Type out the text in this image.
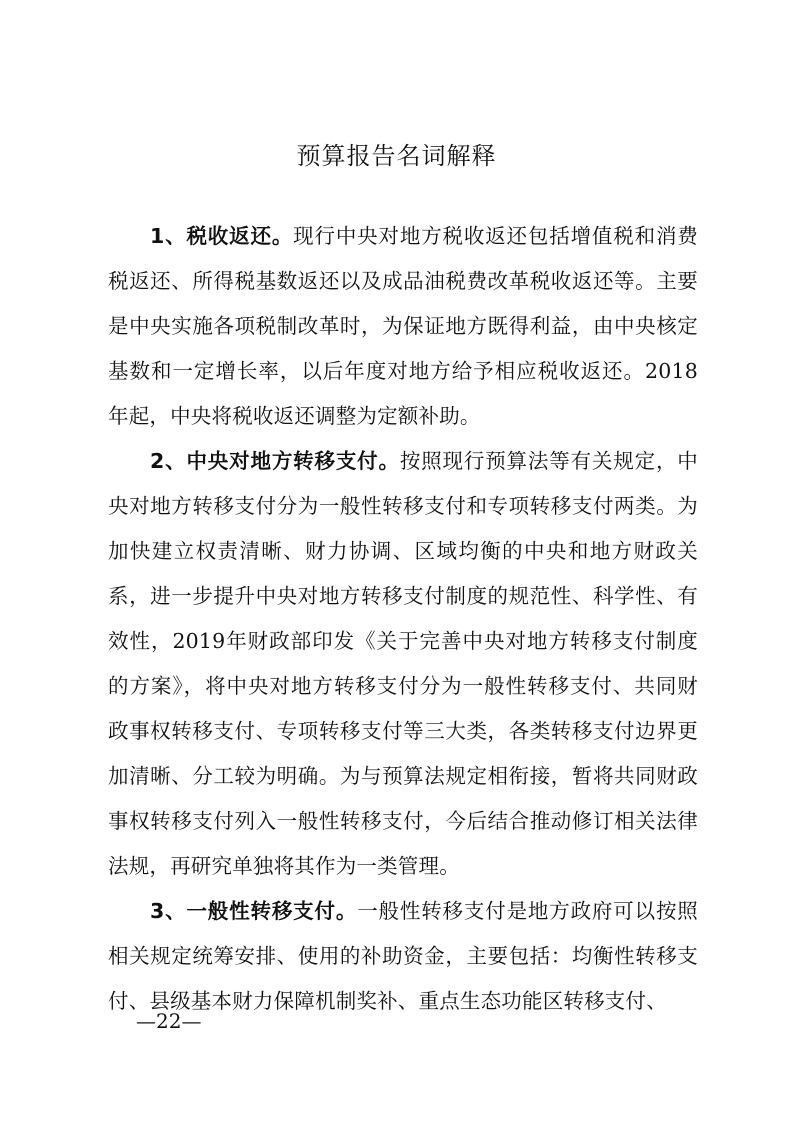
预算报告名词解释

1、税收返还。现行中央对地方税收返还包括增值税和消费税返还、所得税基数返还以及成品油税费改革税收返还等。主要是中央实施各项税制改革时，为保证地方既得利益，由中央核定基数和一定增长率，以后年度对地方给予相应税收返还。2018年起，中央将税收返还调整为定额补助。

2、中央对地方转移支付。按照现行预算法等有关规定，中央对地方转移支付分为一般性转移支付和专项转移支付两类。为加快建立权责清晰、财力协调、区域均衡的中央和地方财政关系，进一步提升中央对地方转移支付制度的规范性、科学性、有效性，2019年财政部印发《关于完善中央对地方转移支付制度的方案》，将中央对地方转移支付分为一般性转移支付、共同财政事权转移支付、专项转移支付等三大类，各类转移支付边界更加清晰、分工较为明确。为与预算法规定相衔接，暂将共同财政事权转移支付列入一般性转移支付，今后结合推动修订相关法律法规，再研究单独将其作为一类管理。

3、一般性转移支付。一般性转移支付是地方政府可以按照相关规定统筹安排、使用的补助资金，主要包括：均衡性转移支付、县级基本财力保障机制奖补、重点生态功能区转移支付、

—22—
